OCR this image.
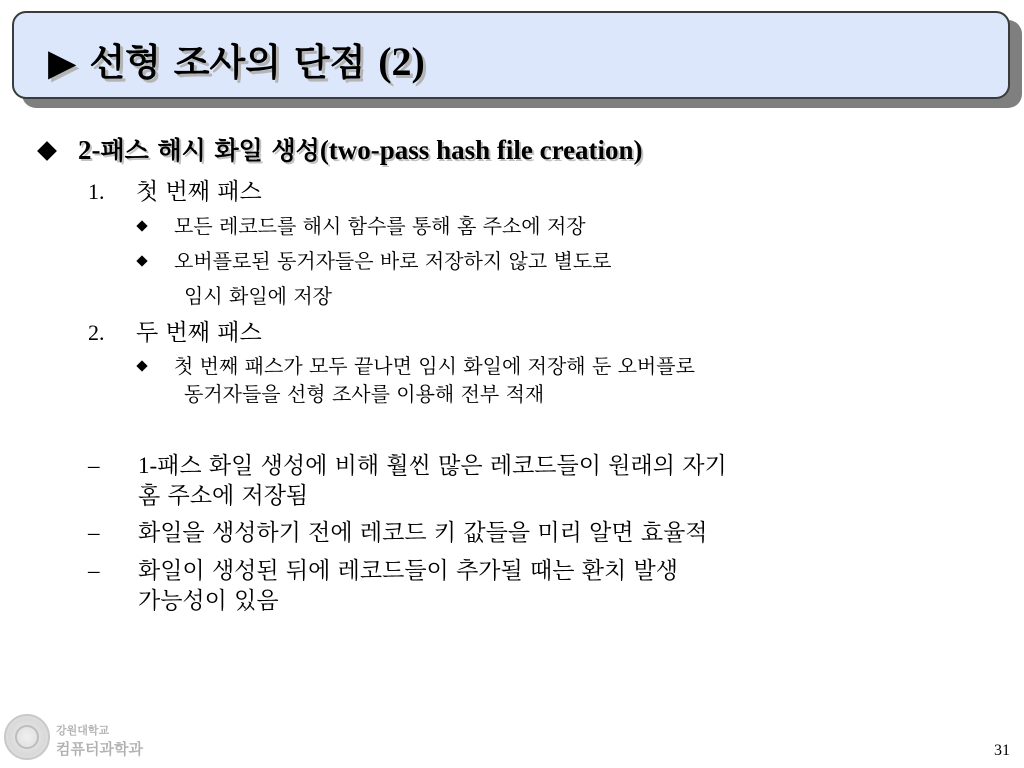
▶ 선형 조사의 단점 (2)
2-패스 해시 화일 생성(two-pass hash file creation)
1. 첫 번째 패스
모든 레코드를 해시 함수를 통해 홈 주소에 저장
오버플로된 동거자들은 바로 저장하지 않고 별도로
임시 화일에 저장
2. 두 번째 패스
첫 번째 패스가 모두 끝나면 임시 화일에 저장해 둔 오버플로
동거자들을 선형 조사를 이용해 전부 적재
– 1-패스 화일 생성에 비해 훨씬 많은 레코드들이 원래의 자기
홈 주소에 저장됨
– 화일을 생성하기 전에 레코드 키 값들을 미리 알면 효율적
– 화일이 생성된 뒤에 레코드들이 추가될 때는 환치 발생
가능성이 있음
강원대학교
컴퓨터과학과	31
